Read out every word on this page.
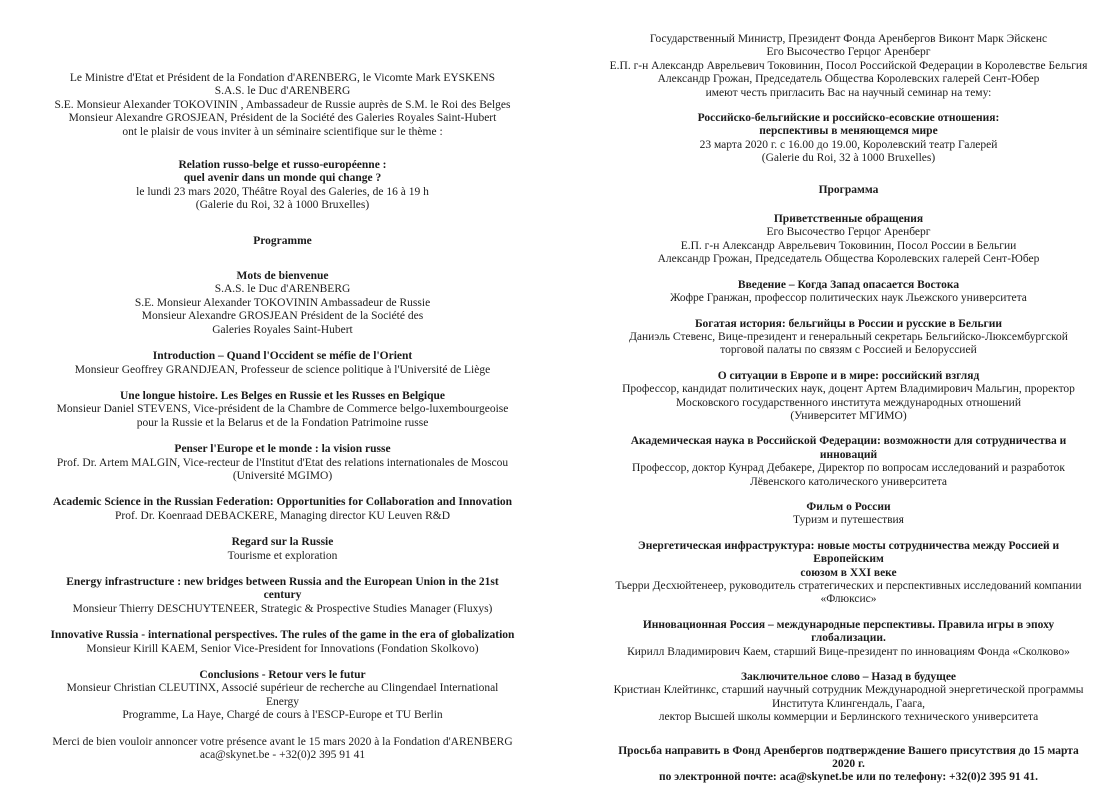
Le Ministre d'Etat et Président de la Fondation d'ARENBERG, le Vicomte Mark EYSKENS
S.A.S. le Duc d'ARENBERG
S.E. Monsieur Alexander TOKOVININ , Ambassadeur de Russie auprès de S.M. le Roi des Belges
Monsieur Alexandre GROSJEAN, Président de la Société des Galeries Royales Saint-Hubert
ont le plaisir de vous inviter à un séminaire scientifique sur le thème :
Relation russo-belge et russo-européenne :
quel avenir dans un monde qui change ?
le lundi 23 mars 2020, Théâtre Royal des Galeries, de 16 à 19 h
(Galerie du Roi, 32 à 1000 Bruxelles)
Programme
Mots de bienvenue
S.A.S. le Duc d'ARENBERG
S.E. Monsieur Alexander TOKOVININ Ambassadeur de Russie
Monsieur Alexandre GROSJEAN Président de la Société des
Galeries Royales Saint-Hubert
Introduction – Quand l'Occident se méfie de l'Orient
Monsieur Geoffrey GRANDJEAN, Professeur de science politique à l'Université de Liège
Une longue histoire. Les Belges en Russie et les Russes en Belgique
Monsieur Daniel STEVENS, Vice-président de la Chambre de Commerce belgo-luxembourgeoise
pour la Russie et la Belarus et de la Fondation Patrimoine russe
Penser l'Europe et le monde : la vision russe
Prof. Dr. Artem MALGIN, Vice-recteur de l'Institut d'Etat des relations internationales de Moscou
(Université MGIMO)
Academic Science in the Russian Federation: Opportunities for Collaboration and Innovation
Prof. Dr. Koenraad DEBACKERE, Managing director KU Leuven R&D
Regard sur la Russie
Tourisme et exploration
Energy infrastructure : new bridges between Russia and the European Union in the 21st century
Monsieur Thierry DESCHUYTENEER, Strategic & Prospective Studies Manager (Fluxys)
Innovative Russia - international perspectives. The rules of the game in the era of globalization
Monsieur Kirill KAEM, Senior Vice-President for Innovations (Fondation Skolkovo)
Conclusions - Retour vers le futur
Monsieur Christian CLEUTINX, Associé supérieur de recherche au Clingendael International Energy
Programme, La Haye, Chargé de cours à l'ESCP-Europe et TU Berlin
Merci de bien vouloir annoncer votre présence avant le 15 mars 2020 à la Fondation d'ARENBERG
aca@skynet.be - +32(0)2 395 91 41
Государственный Министр, Президент Фонда Аренбергов Виконт Марк Эйскенс
Его Высочество Герцог Аренберг
Е.П. г-н Александр Аврельевич Токовинин, Посол Российской Федерации в Королевстве Бельгия
Александр Грожан, Председатель Общества Королевских галерей Сент-Юбер
имеют честь пригласить Вас на научный семинар на тему:
Российско-бельгийские и российско-есовские отношения:
перспективы в меняющемся мире
23 марта 2020 г. с 16.00 до 19.00, Королевский театр Галерей
(Galerie du Roi, 32 à 1000 Bruxelles)
Программа
Приветственные обращения
Его Высочество Герцог Аренберг
Е.П. г-н Александр Аврельевич Токовинин, Посол России в Бельгии
Александр Грожан, Председатель Общества Королевских галерей Сент-Юбер
Введение – Когда Запад опасается Востока
Жофре Гранжан, профессор политических наук Льежского университета
Богатая история: бельгийцы в России и русские в Бельгии
Даниэль Стевенс, Вице-президент и генеральный секретарь Бельгийско-Люксембургской
торговой палаты по связям с Россией и Белоруссией
О ситуации в Европе и в мире: российский взгляд
Профессор, кандидат политических наук, доцент Артем Владимирович Мальгин, проректор
Московского государственного института международных отношений
(Университет МГИМО)
Академическая наука в Российской Федерации: возможности для сотрудничества и
инноваций
Профессор, доктор Кунрад Дебакере, Директор по вопросам исследований и разработок
Лёвенского католического университета
Фильм о России
Туризм и путешествия
Энергетическая инфраструктура: новые мосты сотрудничества между Россией и Европейским
союзом в XXI веке
Тьерри Десхюйтенеер, руководитель стратегических и перспективных исследований компании
«Флюксис»
Инновационная Россия – международные перспективы. Правила игры в эпоху глобализации.
Кирилл Владимирович Каем, старший Вице-президент по инновациям Фонда «Сколково»
Заключительное слово – Назад в будущее
Кристиан Клейтинкс, старший научный сотрудник Международной энергетической программы
Института Клингендаль, Гаага,
лектор Высшей школы коммерции и Берлинского технического университета
Просьба направить в Фонд Аренбергов подтверждение Вашего присутствия до 15 марта 2020 г.
по электронной почте: aca@skynet.be или по телефону: +32(0)2 395 91 41.
